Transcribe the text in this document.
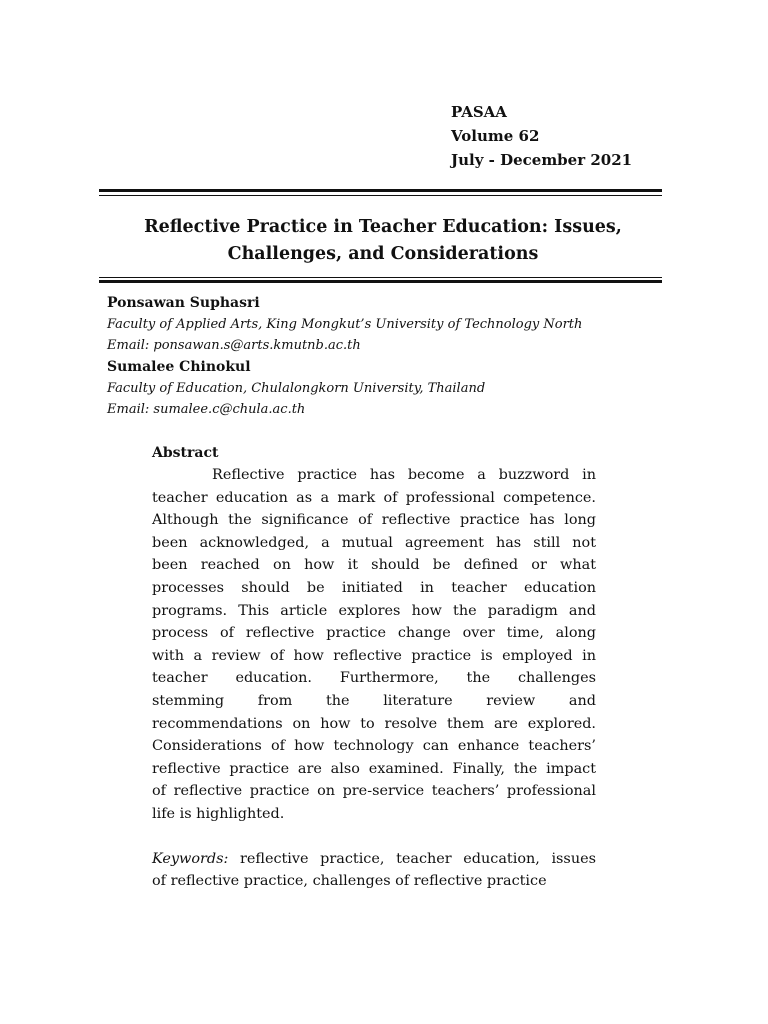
PASAA
Volume 62
July - December 2021
Reflective Practice in Teacher Education: Issues,
Challenges, and Considerations
Ponsawan Suphasri
Faculty of Applied Arts, King Mongkut’s University of Technology North
Email: ponsawan.s@arts.kmutnb.ac.th
Sumalee Chinokul
Faculty of Education, Chulalongkorn University, Thailand
Email: sumalee.c@chula.ac.th
Abstract
Reflective practice has become a buzzword in
teacher education as a mark of professional competence.
Although the significance of reflective practice has long
been acknowledged, a mutual agreement has still not
been reached on how it should be defined or what
processes should be initiated in teacher education
programs. This article explores how the paradigm and
process of reflective practice change over time, along
with a review of how reflective practice is employed in
teacher education. Furthermore, the challenges
stemming from the literature review and
recommendations on how to resolve them are explored.
Considerations of how technology can enhance teachers’
reflective practice are also examined. Finally, the impact
of reflective practice on pre-service teachers’ professional
life is highlighted.
Keywords: reflective practice, teacher education, issues
of reflective practice, challenges of reflective practice
